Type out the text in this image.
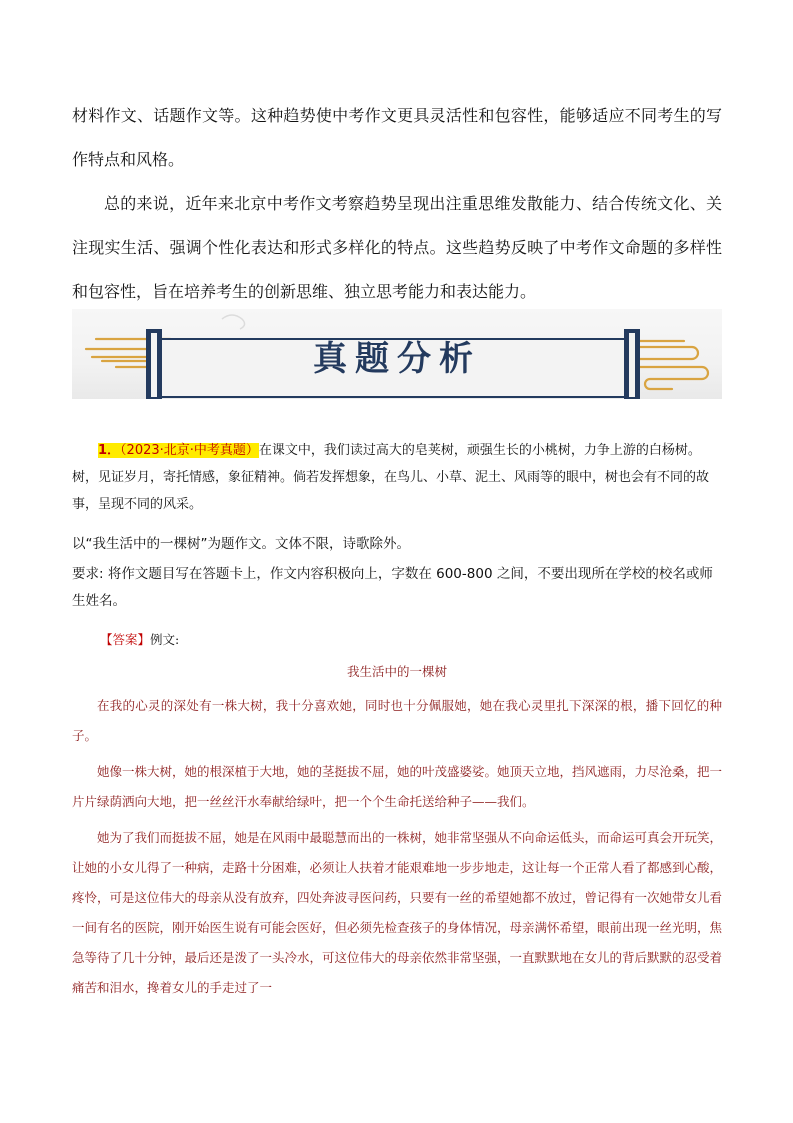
材料作文、话题作文等。这种趋势使中考作文更具灵活性和包容性，能够适应不同考生的写作特点和风格。

总的来说，近年来北京中考作文考察趋势呈现出注重思维发散能力、结合传统文化、关注现实生活、强调个性化表达和形式多样化的特点。这些趋势反映了中考作文命题的多样性和包容性，旨在培养考生的创新思维、独立思考能力和表达能力。

真题分析

1．（2023·北京·中考真题）在课文中，我们读过高大的皂荚树，顽强生长的小桃树，力争上游的白杨树。树，见证岁月，寄托情感，象征精神。倘若发挥想象，在鸟儿、小草、泥土、风雨等的眼中，树也会有不同的故事，呈现不同的风采。

以“我生活中的一棵树”为题作文。文体不限，诗歌除外。

要求: 将作文题目写在答题卡上，作文内容积极向上，字数在 600-800 之间，不要出现所在学校的校名或师生姓名。

【答案】例文:

我生活中的一棵树

在我的心灵的深处有一株大树，我十分喜欢她，同时也十分佩服她，她在我心灵里扎下深深的根，播下回忆的种子。

她像一株大树，她的根深植于大地，她的茎挺拔不屈，她的叶茂盛婆娑。她顶天立地，挡风遮雨，力尽沧桑，把一片片绿荫洒向大地，把一丝丝汗水奉献给绿叶，把一个个生命托送给种子——我们。

她为了我们而挺拔不屈，她是在风雨中最聪慧而出的一株树，她非常坚强从不向命运低头，而命运可真会开玩笑，让她的小女儿得了一种病，走路十分困难，必须让人扶着才能艰难地一步步地走，这让每一个正常人看了都感到心酸，疼怜，可是这位伟大的母亲从没有放弃，四处奔波寻医问药，只要有一丝的希望她都不放过，曾记得有一次她带女儿看一间有名的医院，刚开始医生说有可能会医好，但必须先检查孩子的身体情况，母亲满怀希望，眼前出现一丝光明，焦急等待了几十分钟，最后还是泼了一头冷水，可这位伟大的母亲依然非常坚强，一直默默地在女儿的背后默默的忍受着痛苦和泪水，搀着女儿的手走过了一
